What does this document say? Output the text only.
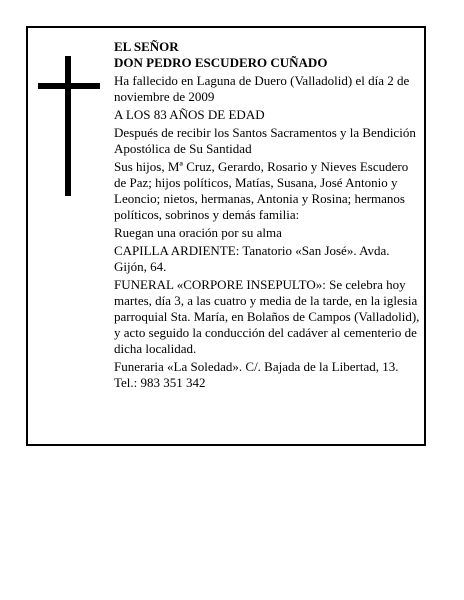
EL SEÑOR

DON PEDRO ESCUDERO CUÑADO

Ha fallecido en Laguna de Duero (Valladolid) el día 2 de noviembre de 2009

A LOS 83 AÑOS DE EDAD

Después de recibir los Santos Sacramentos y la Bendición Apostólica de Su Santidad

Sus hijos, Mª Cruz, Gerardo, Rosario y Nieves Escudero de Paz; hijos políticos, Matías, Susana, José Antonio y Leoncio; nietos, hermanas, Antonia y Rosina; hermanos políticos, sobrinos y demás familia:

Ruegan una oración por su alma

CAPILLA ARDIENTE: Tanatorio «San José». Avda. Gijón, 64.

FUNERAL «CORPORE INSEPULTO»: Se celebra hoy martes, día 3, a las cuatro y media de la tarde, en la iglesia parroquial Sta. María, en Bolaños de Campos (Valladolid), y acto seguido la conducción del cadáver al cementerio de dicha localidad.

Funeraria «La Soledad». C/. Bajada de la Libertad, 13. Tel.: 983 351 342
